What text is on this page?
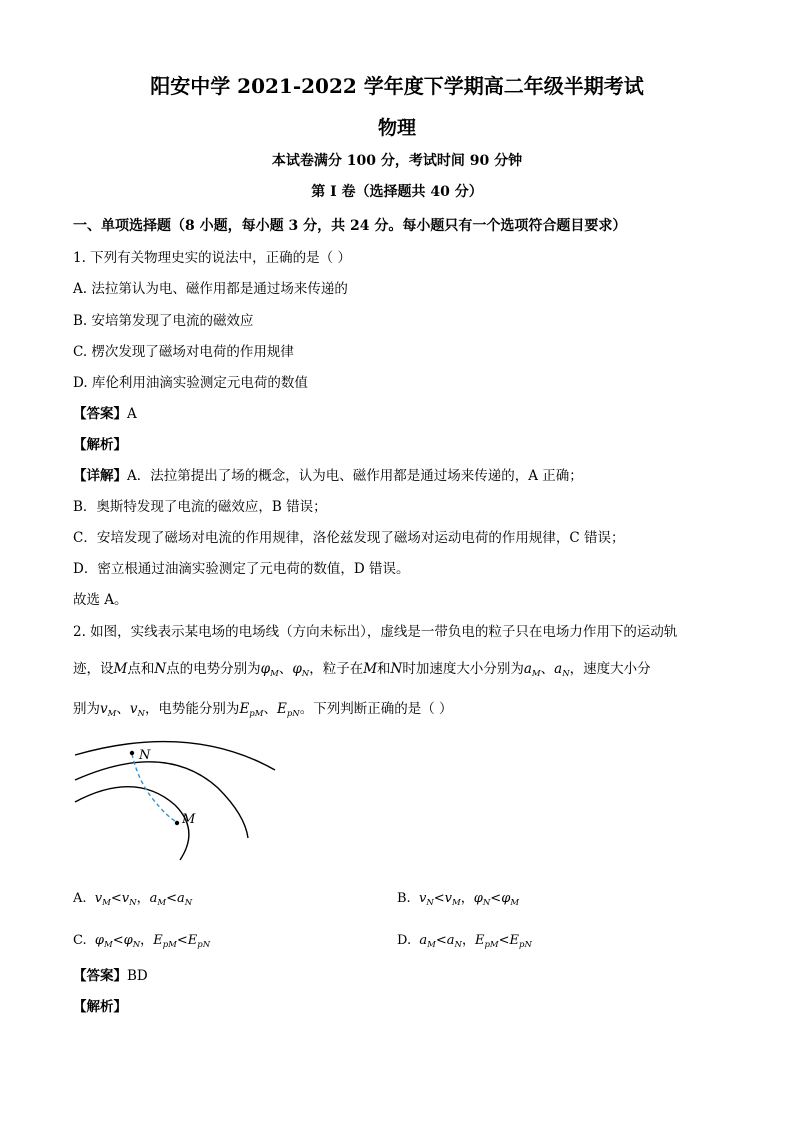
阳安中学 2021-2022 学年度下学期高二年级半期考试
物理
本试卷满分 100 分，考试时间 90 分钟
第 I 卷（选择题共 40 分）
一、单项选择题（8 小题，每小题 3 分，共 24 分。每小题只有一个选项符合题目要求）
1. 下列有关物理史实的说法中，正确的是（ ）
A. 法拉第认为电、磁作用都是通过场来传递的
B. 安培第发现了电流的磁效应
C. 楞次发现了磁场对电荷的作用规律
D. 库伦利用油滴实验测定元电荷的数值
【答案】A
【解析】
【详解】A．法拉第提出了场的概念，认为电、磁作用都是通过场来传递的，A 正确；
B．奥斯特发现了电流的磁效应，B 错误；
C．安培发现了磁场对电流的作用规律，洛伦兹发现了磁场对运动电荷的作用规律，C 错误；
D．密立根通过油滴实验测定了元电荷的数值，D 错误。
故选 A。
2. 如图，实线表示某电场的电场线（方向未标出），虚线是一带负电的粒子只在电场力作用下的运动轨
迹，设M点和N点的电势分别为$\varphi_M$、$\varphi_N$，粒子在M和N时加速度大小分别为$a_M$、$a_N$，速度大小分
别为$v_M$、$v_N$，电势能分别为$E_{pM}$、$E_{pN}$。下列判断正确的是（ ）
N
M
A. $v_M<v_N$，$a_M<a_N$	B. $v_N<v_M$，$\varphi_N<\varphi_M$
C. $\varphi_M<\varphi_N$，$E_{pM}<E_{pN}$	D. $a_M<a_N$，$E_{pM}<E_{pN}$
【答案】BD
【解析】
